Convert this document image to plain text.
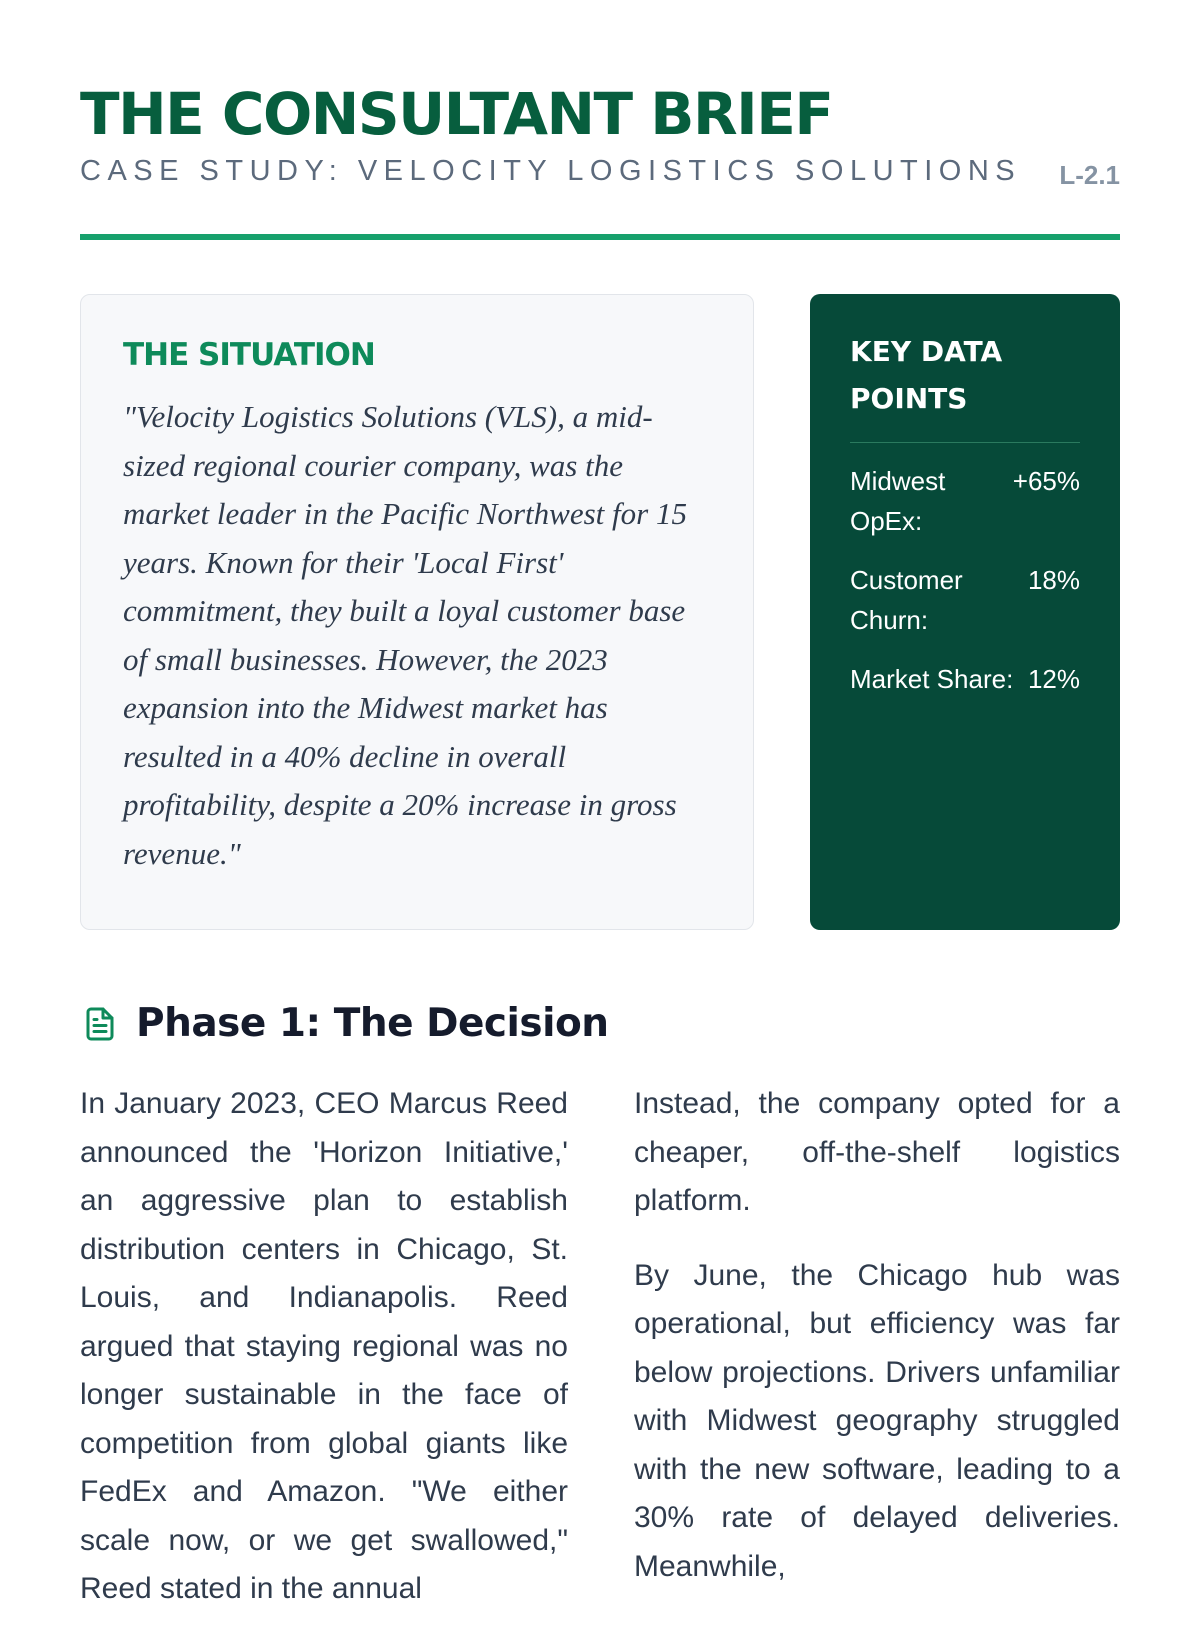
THE CONSULTANT BRIEF
CASE STUDY: VELOCITY LOGISTICS SOLUTIONS L-2.1
THE SITUATION

"Velocity Logistics Solutions (VLS), a mid-sized regional courier company, was the market leader in the Pacific Northwest for 15 years. Known for their 'Local First' commitment, they built a loyal customer base of small businesses. However, the 2023 expansion into the Midwest market has resulted in a 40% decline in overall profitability, despite a 20% increase in gross revenue."

KEY DATA POINTS
Midwest OpEx:
+65%
Customer Churn:
18%
Market Share: 12%
Phase 1: The Decision

In January 2023, CEO Marcus Reed announced the 'Horizon Initiative,' an aggressive plan to establish distribution centers in Chicago, St. Louis, and Indianapolis. Reed argued that staying regional was no longer sustainable in the face of competition from global giants like FedEx and Amazon. "We either scale now, or we get swallowed," Reed stated in the annual

Instead, the company opted for a cheaper, off-the-shelf logistics platform.

By June, the Chicago hub was operational, but efficiency was far below projections. Drivers unfamiliar with Midwest geography struggled with the new software, leading to a 30% rate of delayed deliveries. Meanwhile,
